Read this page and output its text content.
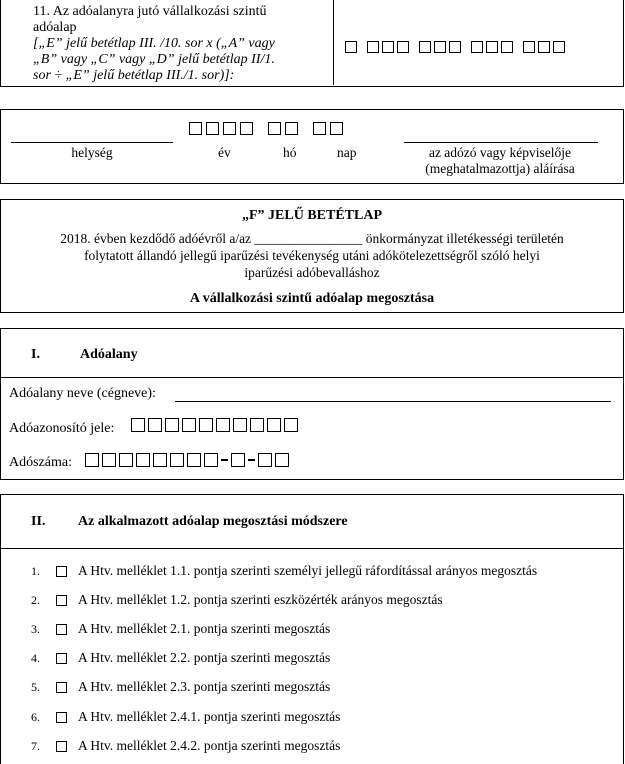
11. Az adóalanyra jutó vállalkozási szintű
adóalap
[„E” jelű betétlap III. /10. sor x („A” vagy
„B” vagy „C” vagy „D” jelű betétlap II/1.
sor ÷ „E” jelű betétlap III./1. sor)]:
helység	év	hó	nap	az adózó vagy képviselője
(meghatalmazottja) aláírása
„F” JELŰ BETÉTLAP
2018. évben kezdődő adóévről a/az ________________ önkormányzat illetékességi területén
folytatott állandó jellegű iparűzési tevékenység utáni adókötelezettségről szóló helyi
iparűzési adóbevalláshoz
A vállalkozási szintű adóalap megosztása
I.	Adóalany
Adóalany neve (cégneve):
Adóazonosító jele:
Adószáma:
II. Az alkalmazott adóalap megosztási módszere
1.	A Htv. melléklet 1.1. pontja szerinti személyi jellegű ráfordítással arányos megosztás
2.	A Htv. melléklet 1.2. pontja szerinti eszközérték arányos megosztás
3.	A Htv. melléklet 2.1. pontja szerinti megosztás
4.	A Htv. melléklet 2.2. pontja szerinti megosztás
5.	A Htv. melléklet 2.3. pontja szerinti megosztás
6.	A Htv. melléklet 2.4.1. pontja szerinti megosztás
7.	A Htv. melléklet 2.4.2. pontja szerinti megosztás
